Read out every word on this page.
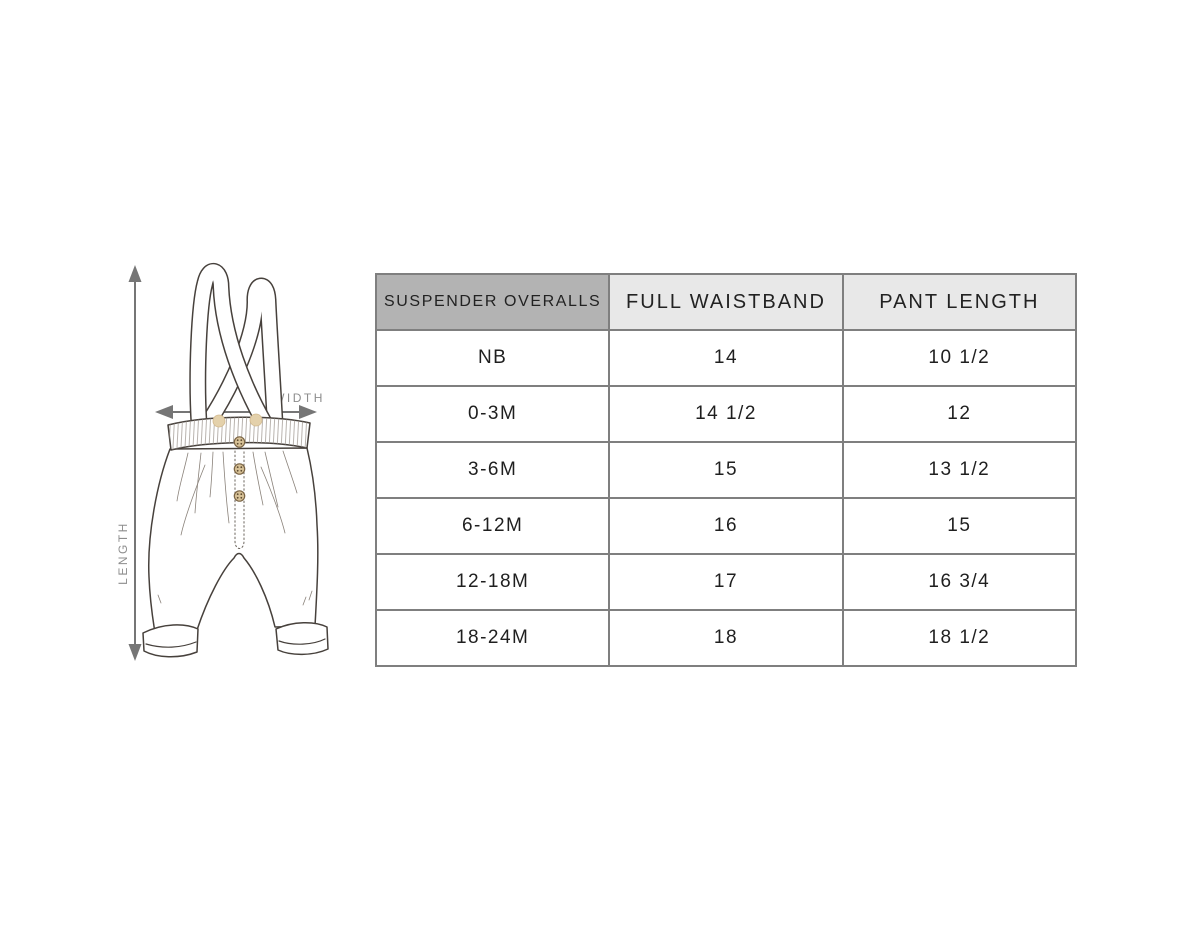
LENGTH
WIDTH
SUSPENDER OVERALLS	FULL WAISTBAND	PANT LENGTH
NB	14	10 1/2
0-3M	14 1/2	12
3-6M	15	13 1/2
6-12M	16	15
12-18M	17	16 3/4
18-24M	18	18 1/2
